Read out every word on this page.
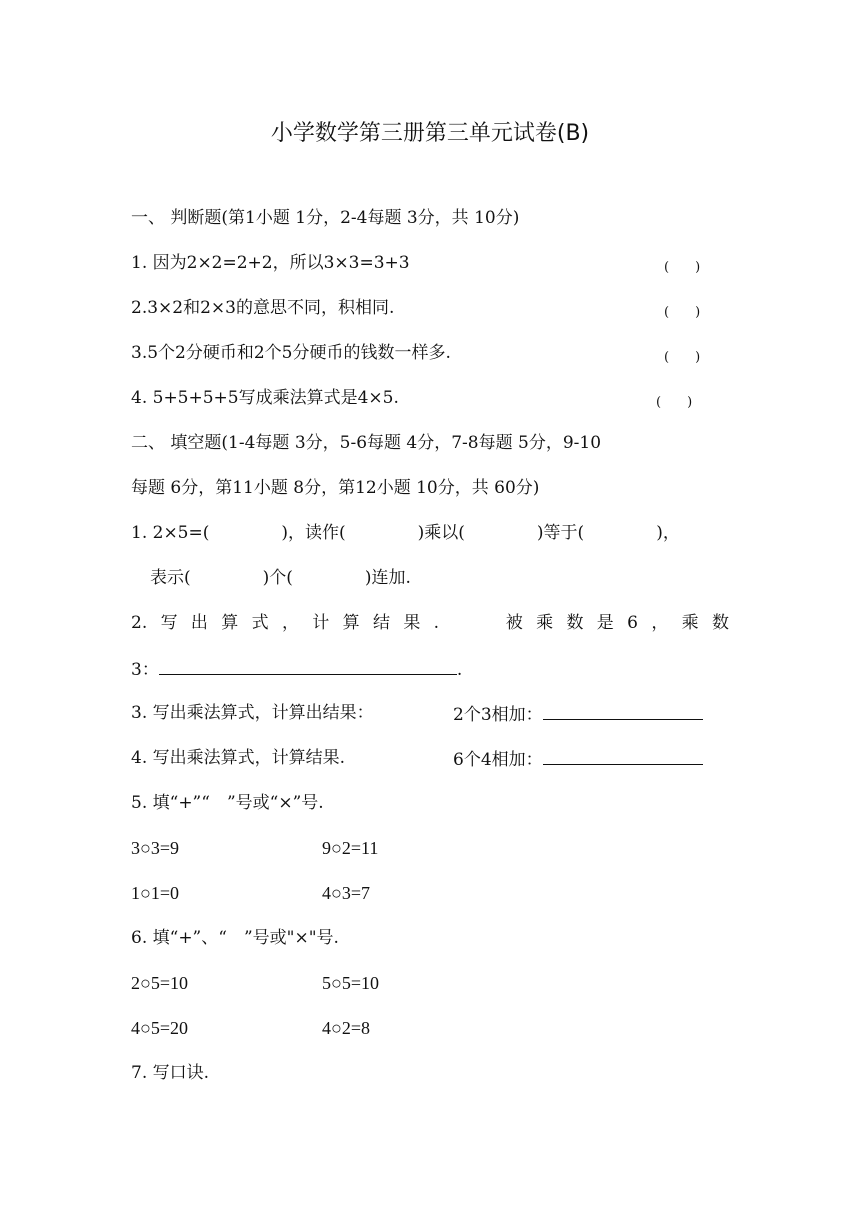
小学数学第三册第三单元试卷(B)
一、 判断题(第1小题 1分，2-4每题 3分，共 10分)
1. 因为2×2=2+2，所以3×3=3+3	(　　)
2.3×2和2×3的意思不同，积相同.	(　　)
3.5个2分硬币和2个5分硬币的钱数一样多.	(　　)
4. 5+5+5+5写成乘法算式是4×5.	(　　)
二、 填空题(1-4每题 3分，5-6每题 4分，7-8每题 5分，9-10
每题 6分，第11小题 8分，第12小题 10分，共 60分)
1. 2×5=(	)，读作(	)乘以(	)等于(	)，
表示(	)个(	)连加.
2. 写 出 算 式 ， 计 算 结 果 .	被 乘 数 是 6 ， 乘 数
3：	.
3. 写出乘法算式，计算出结果：	2个3相加：
4. 写出乘法算式，计算结果.	6个4相加：
5. 填“+”“　”号或“×”号.
3○3=9	9○2=11
1○1=0	4○3=7
6. 填“+”、“　”号或"×"号.
2○5=10	5○5=10
4○5=20	4○2=8
7. 写口诀.
